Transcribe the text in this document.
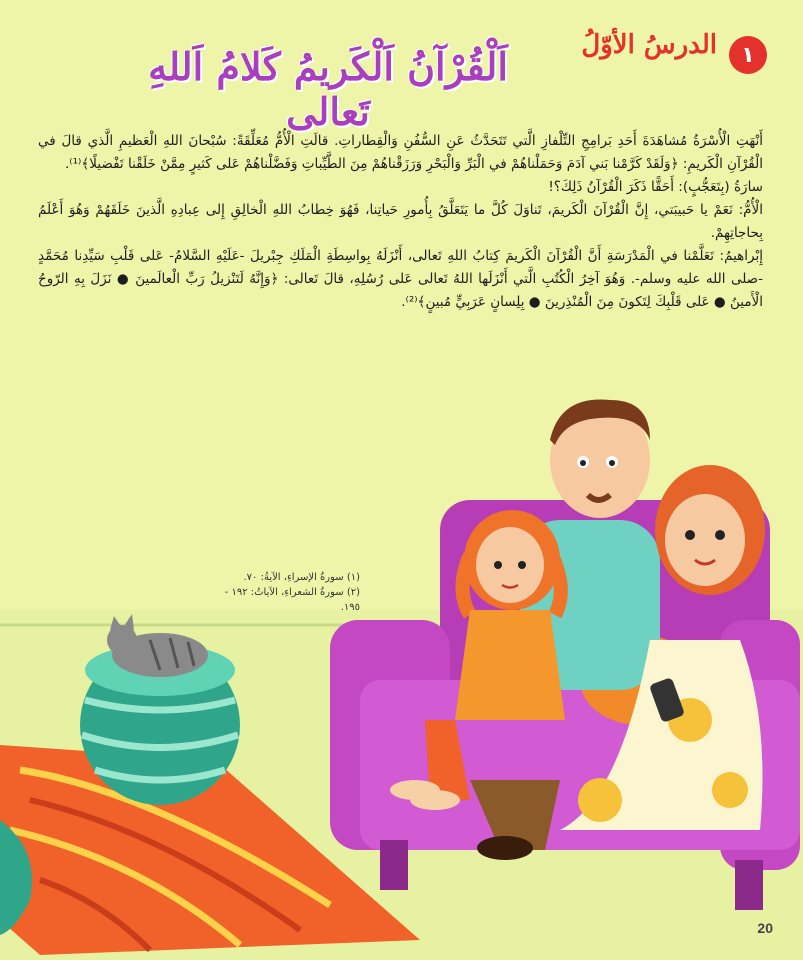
١
الدرسُ الأوّلُ
اَلْقُرْآنُ اَلْكَريمُ كَلامُ اَللهِ تَعالى

أَنْهَتِ الْأُسْرَةُ مُشاهَدَةَ أَحَدِ بَرامِجِ التِّلْفازِ الَّتي تَتَحَدَّثُ عَنِ السُّفُنِ وَالْقِطاراتِ. قالَتِ الْأُمُّ مُعَلِّقَةً: سُبْحانَ اللهِ الْعَظيمِ الَّذي قالَ في الْقُرْآنِ الْكَريمِ: ﴿وَلَقَدْ كَرَّمْنا بَني آدَمَ وَحَمَلْناهُمْ في الْبَرِّ وَالْبَحْرِ وَرَزَقْناهُمْ مِنَ الطَّيِّباتِ وَفَضَّلْناهُمْ عَلى كَثيرٍ مِمَّنْ خَلَقْنا تَفْضيلًا﴾⁽¹⁾.

سارَةُ (بِتَعَجُّبٍ): أَحَقًّا ذَكَرَ الْقُرْآنُ ذَلِكَ؟!

الْأُمُّ: نَعَمْ يا حَبيبَتي، إِنَّ الْقُرْآنَ الْكَريمَ، تَناوَلَ كُلَّ ما يَتَعَلَّقُ بِأُمورِ حَياتِنا، فَهُوَ خِطابُ اللهِ الْخالِقِ إِلى عِبادِهِ الَّذينَ خَلَقَهُمْ وَهُوَ أَعْلَمُ بِحاجاتِهِمْ.

إِبْراهيمُ: تَعَلَّمْنا في الْمَدْرَسَةِ أَنَّ الْقُرْآنَ الْكَريمَ كِتابُ اللهِ تَعالى، أَنْزَلَهُ بِواسِطَةِ الْمَلَكِ جِبْريلَ -عَلَيْهِ السَّلامُ- عَلى قَلْبِ سَيِّدِنا مُحَمَّدٍ -صلى الله عليه وسلم-. وَهُوَ آخِرُ الْكُتُبِ الَّتي أَنْزَلَها اللهُ تَعالى عَلى رُسُلِهِ، قالَ تَعالى: ﴿وَإِنَّهُ لَتَنْزيلُ رَبِّ الْعالَمينَ ● نَزَلَ بِهِ الرّوحُ الْأَمينُ ● عَلى قَلْبِكَ لِتَكونَ مِنَ الْمُنْذِرينَ ● بِلِسانٍ عَرَبِيٍّ مُبينٍ﴾⁽²⁾.

(١) سورةُ الإسراءِ، الآيةُ: ٧٠.
(٢) سورةُ الشعراءِ، الآياتُ: ١٩٢ - ١٩٥.
20
